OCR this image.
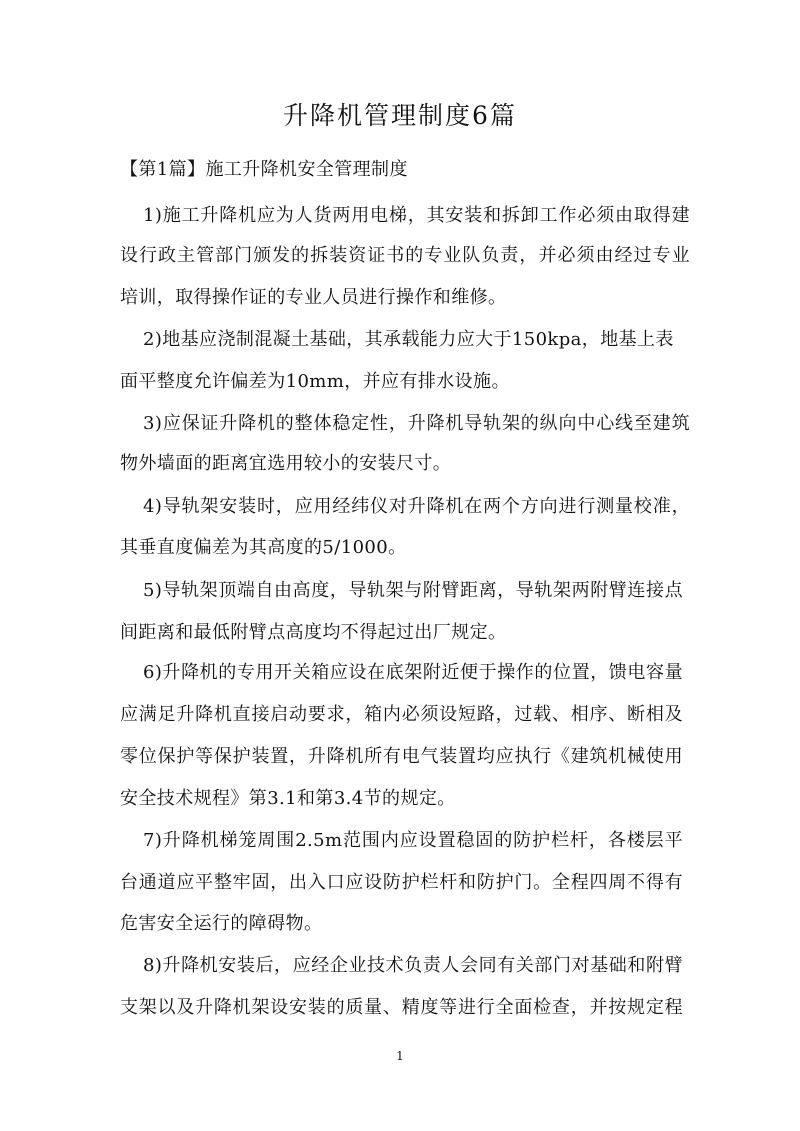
升降机管理制度6篇
【第1篇】施工升降机安全管理制度
1)施工升降机应为人货两用电梯，其安装和拆卸工作必须由取得建
设行政主管部门颁发的拆装资证书的专业队负责，并必须由经过专业
培训，取得操作证的专业人员进行操作和维修。
2)地基应浇制混凝土基础，其承载能力应大于150kpa，地基上表
面平整度允许偏差为10mm，并应有排水设施。
3)应保证升降机的整体稳定性，升降机导轨架的纵向中心线至建筑
物外墙面的距离宜选用较小的安装尺寸。
4)导轨架安装时，应用经纬仪对升降机在两个方向进行测量校准，
其垂直度偏差为其高度的5/1000。
5)导轨架顶端自由高度，导轨架与附臂距离，导轨架两附臂连接点
间距离和最低附臂点高度均不得起过出厂规定。
6)升降机的专用开关箱应设在底架附近便于操作的位置，馈电容量
应满足升降机直接启动要求，箱内必须设短路，过载、相序、断相及
零位保护等保护装置，升降机所有电气装置均应执行《建筑机械使用
安全技术规程》第3.1和第3.4节的规定。
7)升降机梯笼周围2.5m范围内应设置稳固的防护栏杆，各楼层平
台通道应平整牢固，出入口应设防护栏杆和防护门。全程四周不得有
危害安全运行的障碍物。
8)升降机安装后，应经企业技术负责人会同有关部门对基础和附臂
支架以及升降机架设安装的质量、精度等进行全面检查，并按规定程
1
